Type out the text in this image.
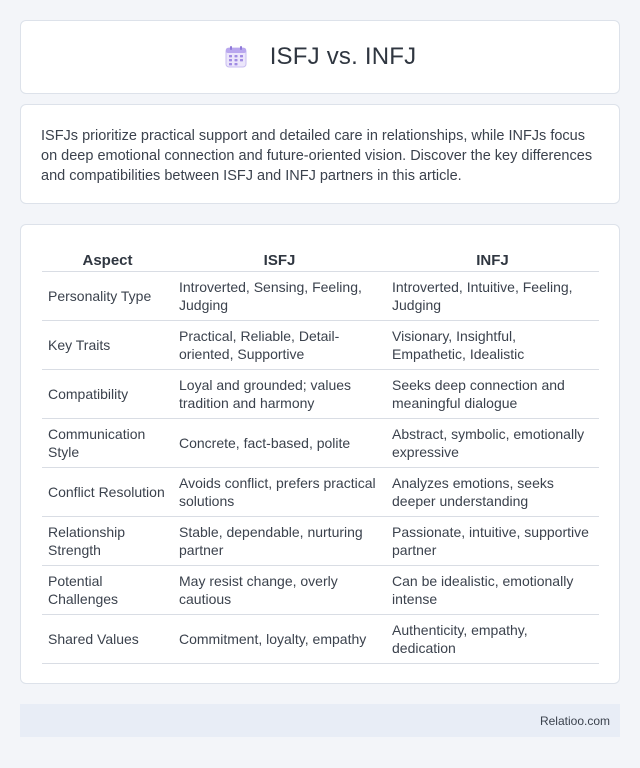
ISFJ vs. INFJ

ISFJs prioritize practical support and detailed care in relationships, while INFJs focus on deep emotional connection and future-oriented vision. Discover the key differences and compatibilities between ISFJ and INFJ partners in this article.

Aspect	ISFJ	INFJ
Personality Type	Introverted, Sensing, Feeling, Judging	Introverted, Intuitive, Feeling, Judging
Key Traits	Practical, Reliable, Detail-oriented, Supportive	Visionary, Insightful, Empathetic, Idealistic
Compatibility	Loyal and grounded; values tradition and harmony	Seeks deep connection and meaningful dialogue
Communication Style	Concrete, fact-based, polite	Abstract, symbolic, emotionally expressive
Conflict Resolution	Avoids conflict, prefers practical solutions	Analyzes emotions, seeks deeper understanding
Relationship Strength	Stable, dependable, nurturing partner	Passionate, intuitive, supportive partner
Potential Challenges	May resist change, overly cautious	Can be idealistic, emotionally intense
Shared Values	Commitment, loyalty, empathy	Authenticity, empathy, dedication
Relatioo.com
